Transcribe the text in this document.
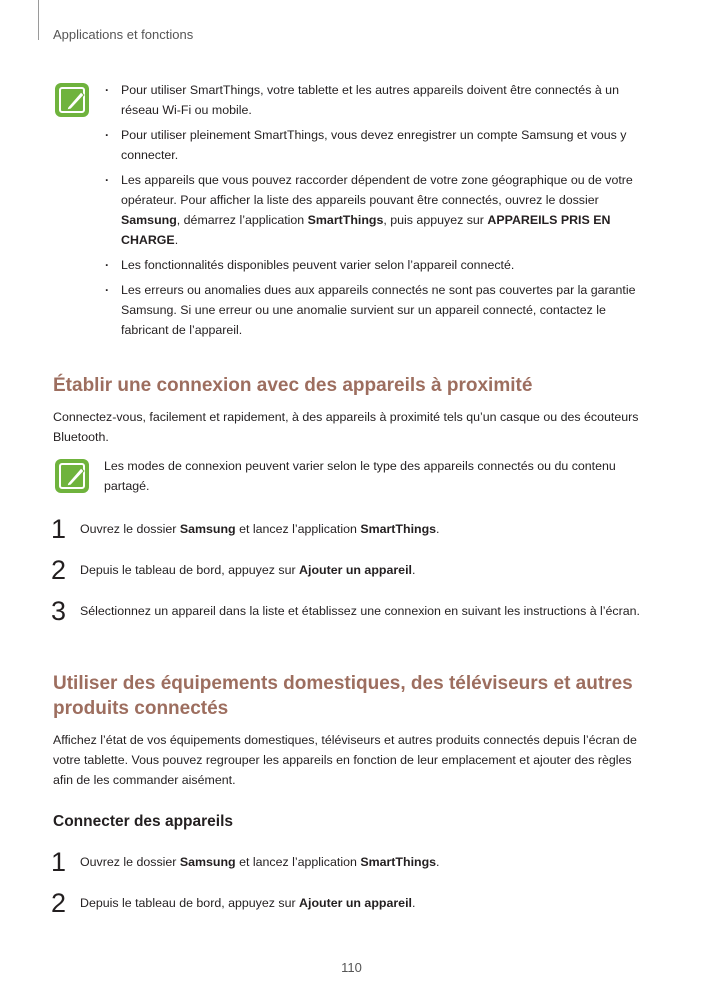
Applications et fonctions
· Pour utiliser SmartThings, votre tablette et les autres appareils doivent être connectés à un réseau Wi-Fi ou mobile.
· Pour utiliser pleinement SmartThings, vous devez enregistrer un compte Samsung et vous y connecter.
· Les appareils que vous pouvez raccorder dépendent de votre zone géographique ou de votre opérateur. Pour afficher la liste des appareils pouvant être connectés, ouvrez le dossier Samsung, démarrez l’application SmartThings, puis appuyez sur APPAREILS PRIS EN CHARGE.
· Les fonctionnalités disponibles peuvent varier selon l’appareil connecté.
· Les erreurs ou anomalies dues aux appareils connectés ne sont pas couvertes par la garantie Samsung. Si une erreur ou une anomalie survient sur un appareil connecté, contactez le fabricant de l’appareil.
Établir une connexion avec des appareils à proximité
Connectez-vous, facilement et rapidement, à des appareils à proximité tels qu’un casque ou des écouteurs Bluetooth.
Les modes de connexion peuvent varier selon le type des appareils connectés ou du contenu partagé.
1 Ouvrez le dossier Samsung et lancez l’application SmartThings.
2 Depuis le tableau de bord, appuyez sur Ajouter un appareil.
3 Sélectionnez un appareil dans la liste et établissez une connexion en suivant les instructions à l’écran.
Utiliser des équipements domestiques, des téléviseurs et autres produits connectés
Affichez l’état de vos équipements domestiques, téléviseurs et autres produits connectés depuis l’écran de votre tablette. Vous pouvez regrouper les appareils en fonction de leur emplacement et ajouter des règles afin de les commander aisément.
Connecter des appareils
1 Ouvrez le dossier Samsung et lancez l’application SmartThings.
2 Depuis le tableau de bord, appuyez sur Ajouter un appareil.
110
